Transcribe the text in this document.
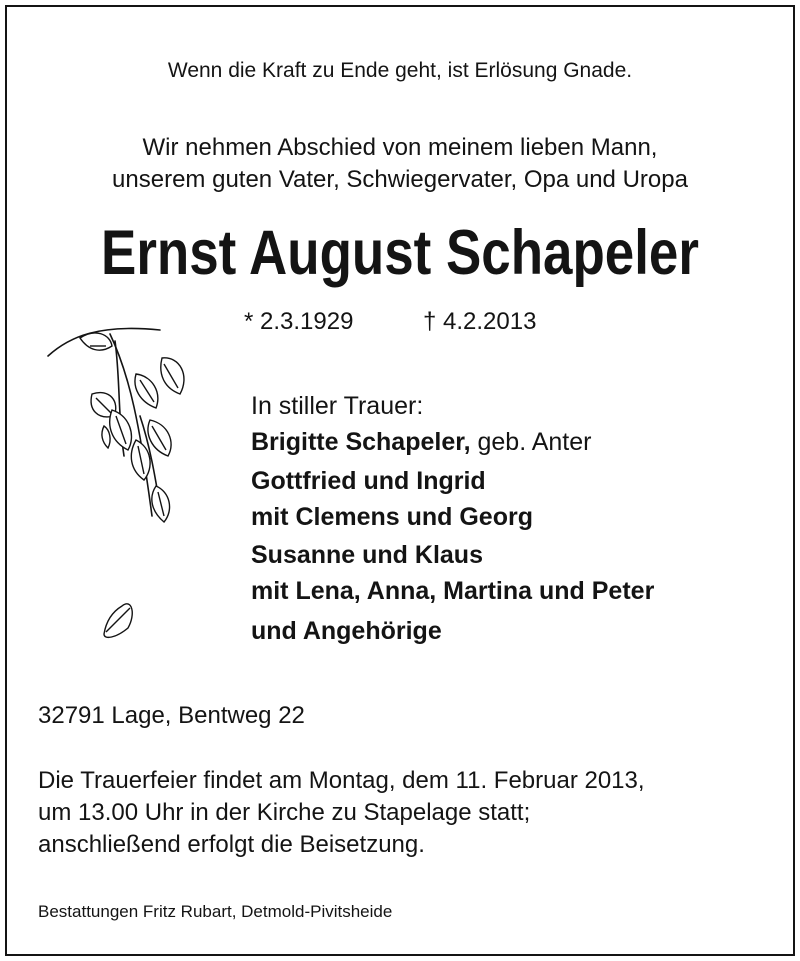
Wenn die Kraft zu Ende geht, ist Erlösung Gnade.
Wir nehmen Abschied von meinem lieben Mann,
unserem guten Vater, Schwiegervater, Opa und Uropa
Ernst August Schapeler
* 2.3.1929	† 4.2.2013
In stiller Trauer:
Brigitte Schapeler, geb. Anter
Gottfried und Ingrid
mit Clemens und Georg
Susanne und Klaus
mit Lena, Anna, Martina und Peter
und Angehörige
32791 Lage, Bentweg 22
Die Trauerfeier findet am Montag, dem 11. Februar 2013,
um 13.00 Uhr in der Kirche zu Stapelage statt;
anschließend erfolgt die Beisetzung.
Bestattungen Fritz Rubart, Detmold-Pivitsheide
